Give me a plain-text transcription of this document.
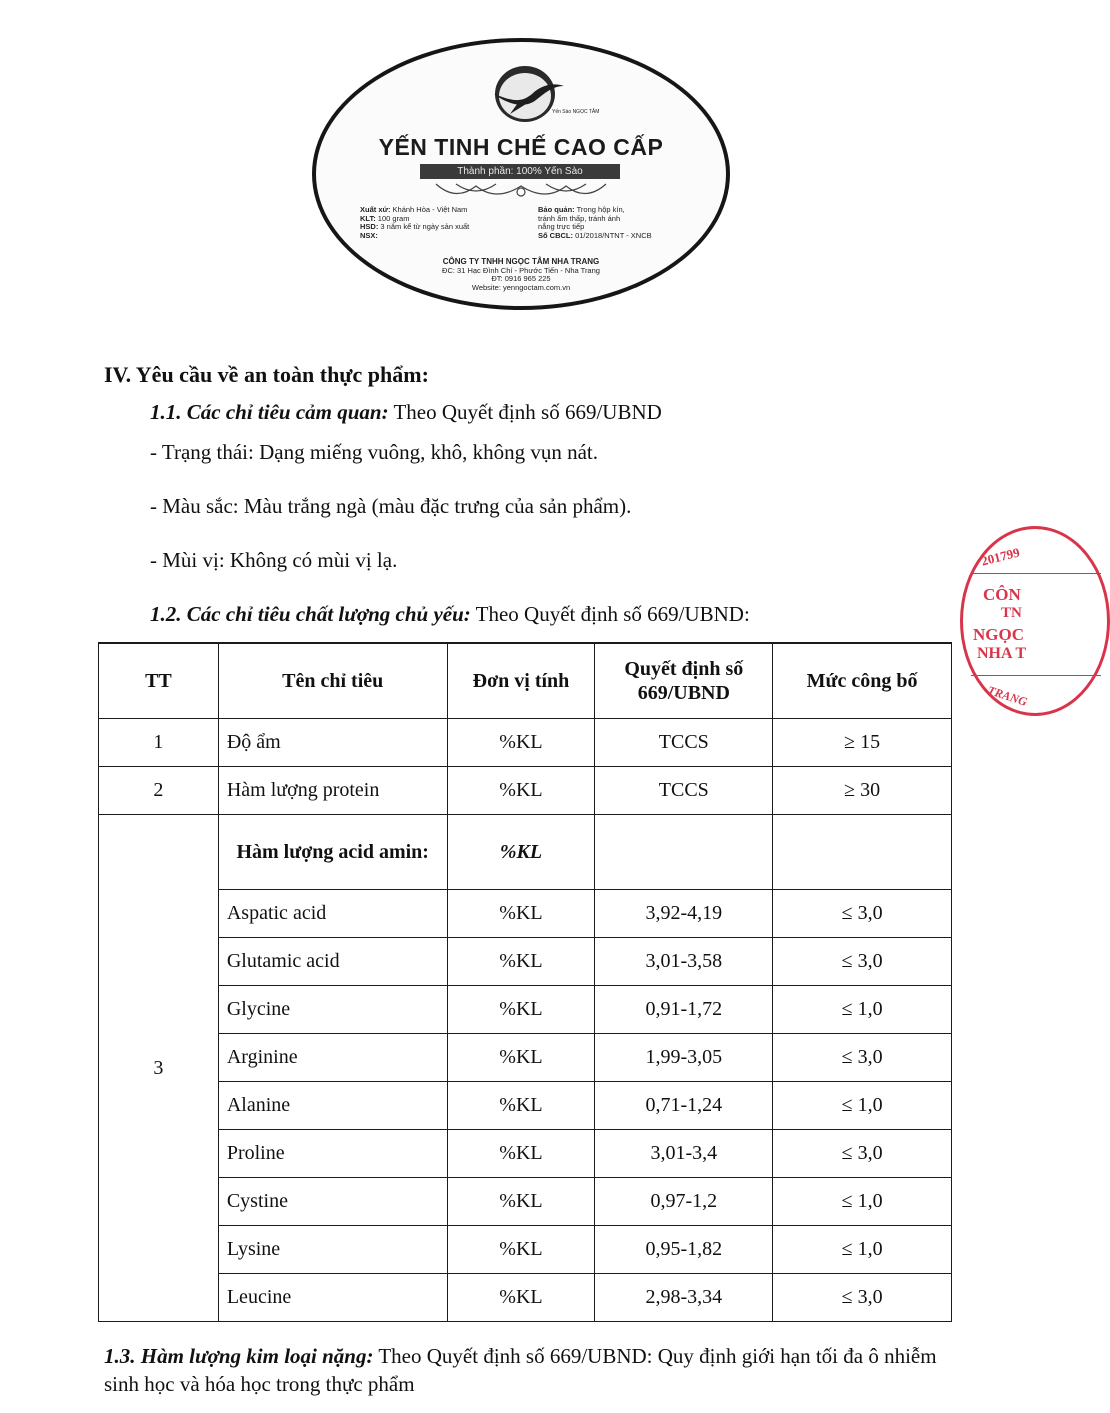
Yến Sào NGỌC TÂM
YẾN TINH CHẾ CAO CẤP
Thành phần: 100% Yến Sào
Xuất xứ: Khánh Hòa - Việt Nam
KLT: 100 gram
HSD: 3 năm kể từ ngày sản xuất
NSX:
Bảo quản: Trong hộp kín,
tránh ẩm thấp, tránh ánh
nắng trực tiếp
Số CBCL: 01/2018/NTNT - XNCB
CÔNG TY TNHH NGỌC TÂM NHA TRANG
ĐC: 31 Hạc Đình Chí - Phước Tiến - Nha Trang
ĐT: 0916 965 225
Website: yenngoctam.com.vn
IV. Yêu cầu về an toàn thực phẩm:
1.1. Các chỉ tiêu cảm quan: Theo Quyết định số 669/UBND
- Trạng thái: Dạng miếng vuông, khô, không vụn nát.
- Màu sắc: Màu trắng ngà (màu đặc trưng của sản phẩm).
- Mùi vị: Không có mùi vị lạ.
1.2. Các chỉ tiêu chất lượng chủ yếu: Theo Quyết định số 669/UBND:
TT	Tên chỉ tiêu	Đơn vị tính	Quyết định số 669/UBND	Mức công bố
1	Độ ẩm	%KL	TCCS	≥ 15
2	Hàm lượng protein	%KL	TCCS	≥ 30
3	Hàm lượng acid amin:	%KL		
	Aspatic acid	%KL	3,92-4,19	≤ 3,0
	Glutamic acid	%KL	3,01-3,58	≤ 3,0
	Glycine	%KL	0,91-1,72	≤ 1,0
	Arginine	%KL	1,99-3,05	≤ 3,0
	Alanine	%KL	0,71-1,24	≤ 1,0
	Proline	%KL	3,01-3,4	≤ 3,0
	Cystine	%KL	0,97-1,2	≤ 1,0
	Lysine	%KL	0,95-1,82	≤ 1,0
	Leucine	%KL	2,98-3,34	≤ 3,0
1.3. Hàm lượng kim loại nặng: Theo Quyết định số 669/UBND: Quy định giới hạn tối đa ô nhiễm sinh học và hóa học trong thực phẩm
201799
CÔN
TN
NGỌC
NHA T
TRANG
